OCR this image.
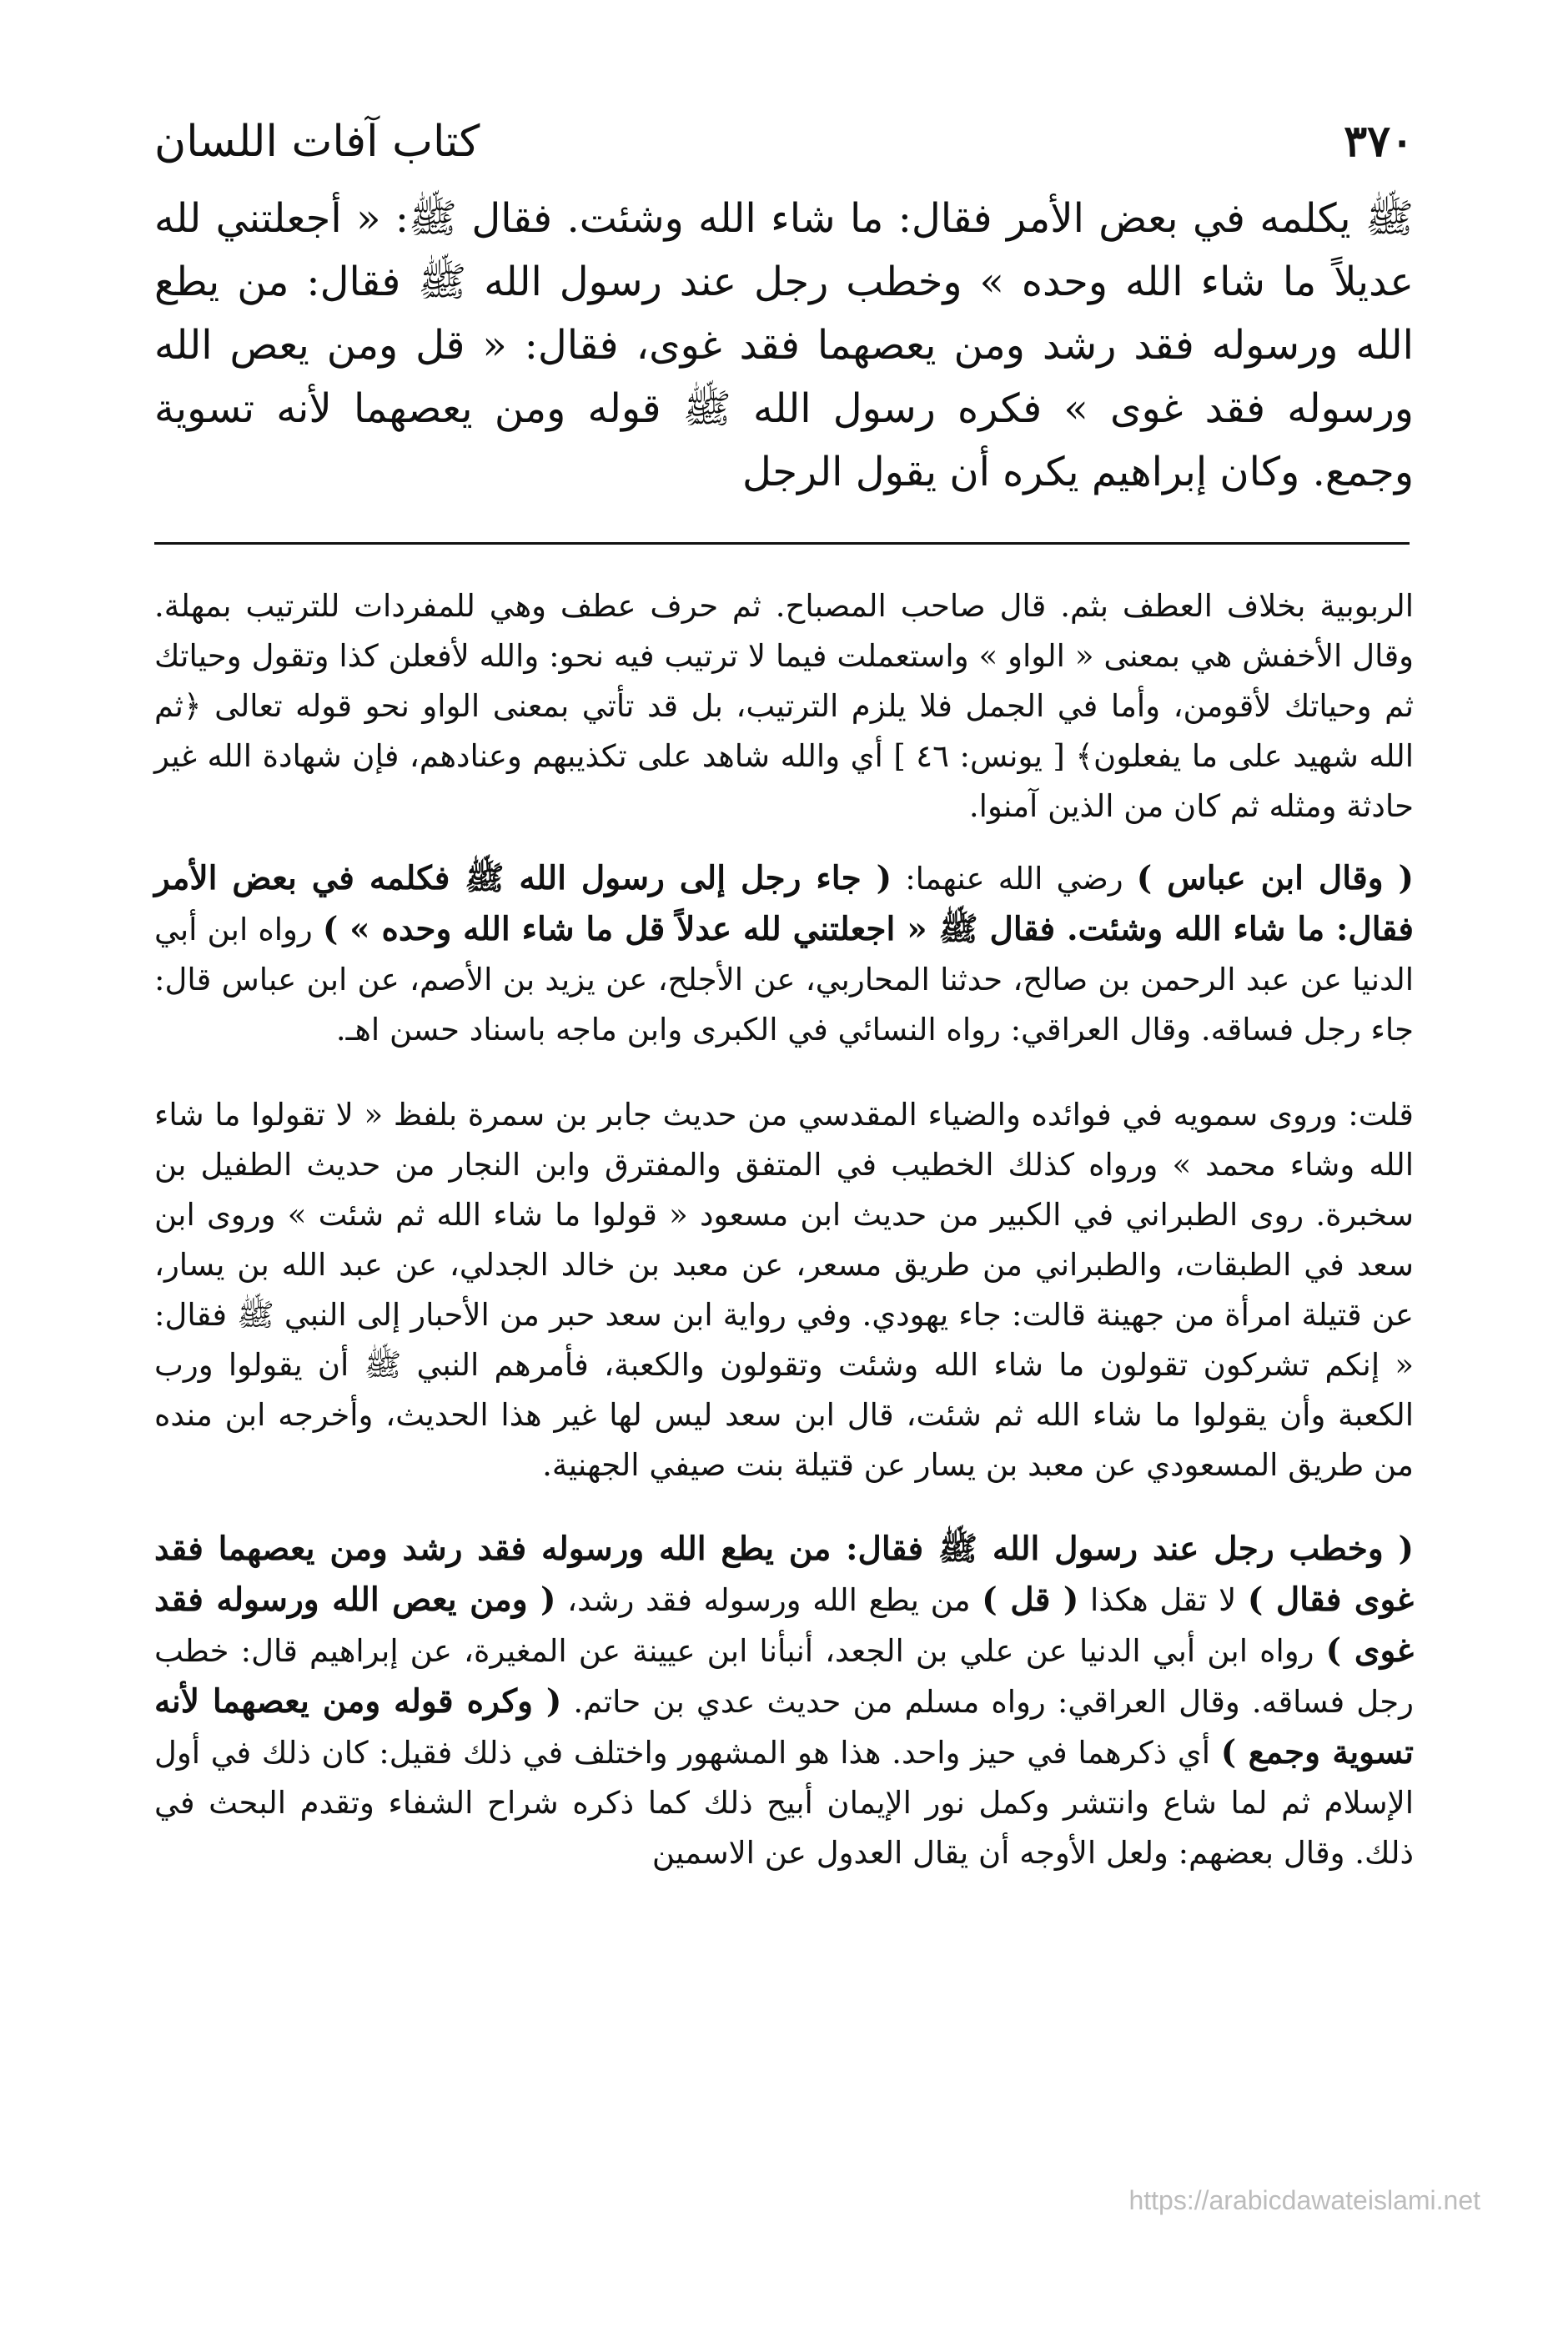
٣٧٠
كتاب آفات اللسان

ﷺ يكلمه في بعض الأمر فقال: ما شاء الله وشئت. فقال ﷺ: « أجعلتني لله عديلاً ما شاء الله وحده » وخطب رجل عند رسول الله ﷺ فقال: من يطع الله ورسوله فقد رشد ومن يعصهما فقد غوى، فقال: « قل ومن يعص الله ورسوله فقد غوى » فكره رسول الله ﷺ قوله ومن يعصهما لأنه تسوية وجمع. وكان إبراهيم يكره أن يقول الرجل

الربوبية بخلاف العطف بثم. قال صاحب المصباح. ثم حرف عطف وهي للمفردات للترتيب بمهلة. وقال الأخفش هي بمعنى « الواو » واستعملت فيما لا ترتيب فيه نحو: والله لأفعلن كذا وتقول وحياتك ثم وحياتك لأقومن، وأما في الجمل فلا يلزم الترتيب، بل قد تأتي بمعنى الواو نحو قوله تعالى ﴿ثم الله شهيد على ما يفعلون﴾ [ يونس: ٤٦ ] أي والله شاهد على تكذيبهم وعنادهم، فإن شهادة الله غير حادثة ومثله ثم كان من الذين آمنوا.

( وقال ابن عباس ) رضي الله عنهما: ( جاء رجل إلى رسول الله ﷺ فكلمه في بعض الأمر فقال: ما شاء الله وشئت. فقال ﷺ « اجعلتني لله عدلاً قل ما شاء الله وحده » ) رواه ابن أبي الدنيا عن عبد الرحمن بن صالح، حدثنا المحاربي، عن الأجلح، عن يزيد بن الأصم، عن ابن عباس قال: جاء رجل فساقه. وقال العراقي: رواه النسائي في الكبرى وابن ماجه باسناد حسن اهـ.

قلت: وروى سمويه في فوائده والضياء المقدسي من حديث جابر بن سمرة بلفظ « لا تقولوا ما شاء الله وشاء محمد » ورواه كذلك الخطيب في المتفق والمفترق وابن النجار من حديث الطفيل بن سخبرة. روى الطبراني في الكبير من حديث ابن مسعود « قولوا ما شاء الله ثم شئت » وروى ابن سعد في الطبقات، والطبراني من طريق مسعر، عن معبد بن خالد الجدلي، عن عبد الله بن يسار، عن قتيلة امرأة من جهينة قالت: جاء يهودي. وفي رواية ابن سعد حبر من الأحبار إلى النبي ﷺ فقال: « إنكم تشركون تقولون ما شاء الله وشئت وتقولون والكعبة، فأمرهم النبي ﷺ أن يقولوا ورب الكعبة وأن يقولوا ما شاء الله ثم شئت، قال ابن سعد ليس لها غير هذا الحديث، وأخرجه ابن منده من طريق المسعودي عن معبد بن يسار عن قتيلة بنت صيفي الجهنية.

( وخطب رجل عند رسول الله ﷺ فقال: من يطع الله ورسوله فقد رشد ومن يعصهما فقد غوى فقال ) لا تقل هكذا ( قل ) من يطع الله ورسوله فقد رشد، ( ومن يعص الله ورسوله فقد غوى ) رواه ابن أبي الدنيا عن علي بن الجعد، أنبأنا ابن عيينة عن المغيرة، عن إبراهيم قال: خطب رجل فساقه. وقال العراقي: رواه مسلم من حديث عدي بن حاتم. ( وكره قوله ومن يعصهما لأنه تسوية وجمع ) أي ذكرهما في حيز واحد. هذا هو المشهور واختلف في ذلك فقيل: كان ذلك في أول الإسلام ثم لما شاع وانتشر وكمل نور الإيمان أبيح ذلك كما ذكره شراح الشفاء وتقدم البحث في ذلك. وقال بعضهم: ولعل الأوجه أن يقال العدول عن الاسمين

https://arabicdawateislami.net
